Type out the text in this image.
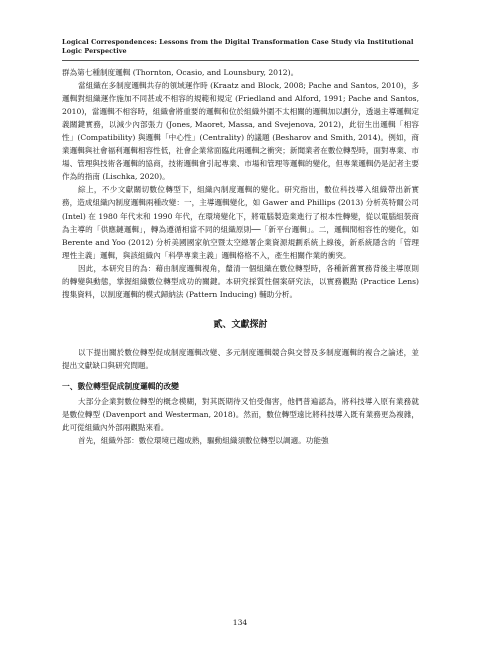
Logical Correspondences: Lessons from the Digital Transformation Case Study via Institutional Logic Perspective

群為第七種制度邏輯 (Thornton, Ocasio, and Lounsbury, 2012)。

當組織在多制度邏輯共存的領域運作時 (Kraatz and Block, 2008; Pache and Santos, 2010)，多邏輯對組織運作施加不同甚或不相容的規範和規定 (Friedland and Alford, 1991; Pache and Santos, 2010)，當邏輯不相容時，組織會將重要的邏輯和位於組織外圍不太相關的邏輯加以劃分，透過主導邏輯定義關鍵實務，以減少內部張力 (Jones, Maoret, Massa, and Svejenova, 2012)，此衍生出邏輯「相容性」(Compatibility) 與邏輯「中心性」(Centrality) 的議題 (Besharov and Smith, 2014)。例如，商業邏輯與社會福利邏輯相容性低，社會企業常面臨此兩邏輯之衝突；新聞業者在數位轉型時，面對專業、市場、管理與技術各邏輯的協商，技術邏輯會引起專業、市場和管理等邏輯的變化，但專業邏輯仍是記者主要作為的指南 (Lischka, 2020)。

綜上，不少文獻關切數位轉型下，組織內制度邏輯的變化。研究指出，數位科技導入組織帶出新實務，造成組織內制度邏輯兩種改變：一，主導邏輯變化，如 Gawer and Phillips (2013) 分析英特爾公司 (Intel) 在 1980 年代末和 1990 年代，在環境變化下，將電腦製造業進行了根本性轉變，從以電腦組裝商為主導的「供應鏈邏輯」，轉為遵循相當不同的組織原則──「新平台邏輯」。二，邏輯間相容性的變化，如 Berente and Yoo (2012) 分析美國國家航空暨太空總署企業資源規劃系統上線後，新系統隱含的「管理理性主義」邏輯，與該組織內「科學專業主義」邏輯格格不入，產生相關作業的衝突。

因此，本研究目的為：藉由制度邏輯視角，釐清一個組織在數位轉型時，各種新舊實務背後主導原則的轉變與動態，掌握組織數位轉型成功的關鍵。本研究採質性個案研究法，以實務觀點 (Practice Lens) 搜集資料，以制度邏輯的模式歸納法 (Pattern Inducing) 輔助分析。

貳、文獻探討

以下提出關於數位轉型促成制度邏輯改變、多元制度邏輯競合與交替及多制度邏輯的複合之論述，並提出文獻缺口與研究問題。

一、數位轉型促成制度邏輯的改變

大部分企業對數位轉型的概念模糊，對其既期待又怕受傷害，他們普遍認為，將科技導入原有業務就是數位轉型 (Davenport and Westerman, 2018)。然而，數位轉型遠比將科技導入既有業務更為複雜，此可從組織內外部兩觀點來看。

首先，組織外部：數位環境已趨成熟，驅動組織須數位轉型以調適。功能強

134
